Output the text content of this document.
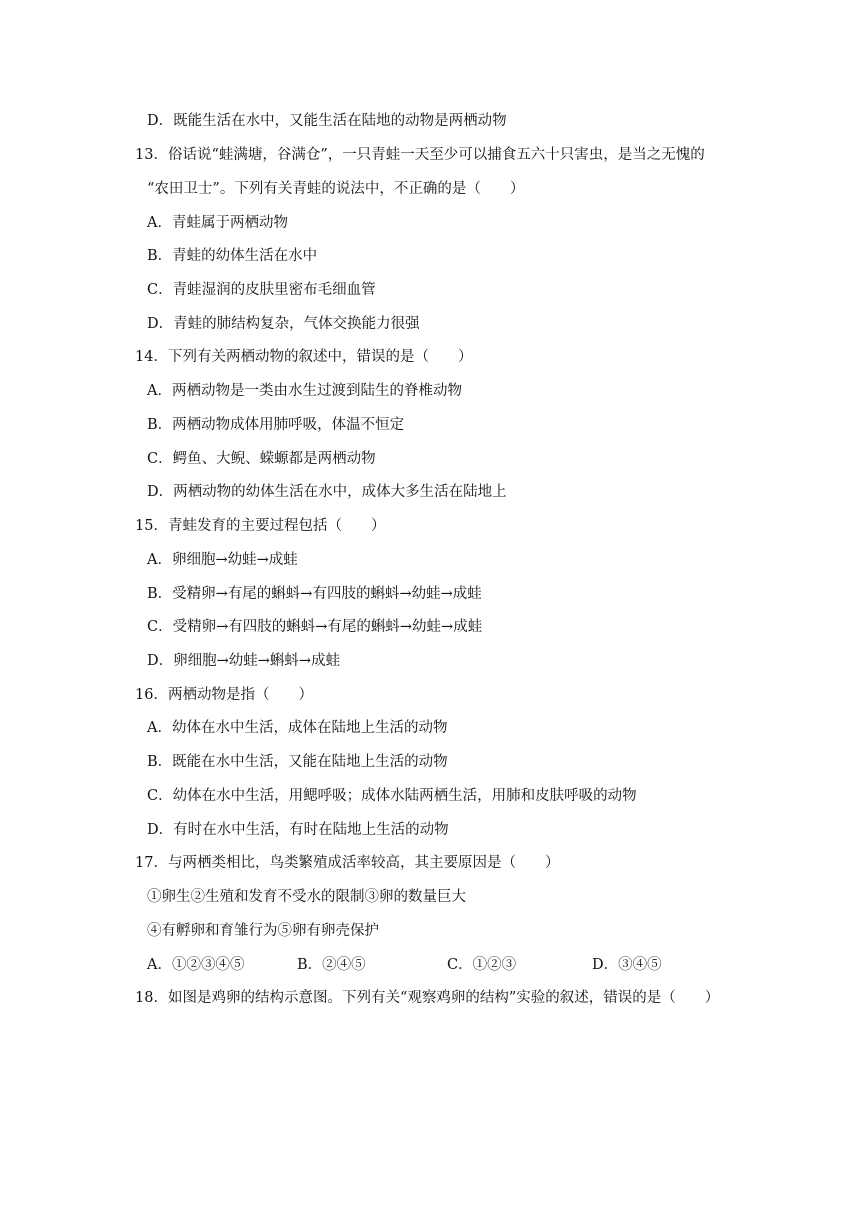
D．既能生活在水中，又能生活在陆地的动物是两栖动物
13．俗话说“蛙满塘，谷满仓”，一只青蛙一天至少可以捕食五六十只害虫，是当之无愧的
“农田卫士”。下列有关青蛙的说法中，不正确的是（　　）
A．青蛙属于两栖动物
B．青蛙的幼体生活在水中
C．青蛙湿润的皮肤里密布毛细血管
D．青蛙的肺结构复杂，气体交换能力很强
14．下列有关两栖动物的叙述中，错误的是（　　）
A．两栖动物是一类由水生过渡到陆生的脊椎动物
B．两栖动物成体用肺呼吸，体温不恒定
C．鳄鱼、大鲵、蝾螈都是两栖动物
D．两栖动物的幼体生活在水中，成体大多生活在陆地上
15．青蛙发育的主要过程包括（　　）
A．卵细胞→幼蛙→成蛙
B．受精卵→有尾的蝌蚪→有四肢的蝌蚪→幼蛙→成蛙
C．受精卵→有四肢的蝌蚪→有尾的蝌蚪→幼蛙→成蛙
D．卵细胞→幼蛙→蝌蚪→成蛙
16．两栖动物是指（　　）
A．幼体在水中生活，成体在陆地上生活的动物
B．既能在水中生活，又能在陆地上生活的动物
C．幼体在水中生活，用鳃呼吸；成体水陆两栖生活，用肺和皮肤呼吸的动物
D．有时在水中生活，有时在陆地上生活的动物
17．与两栖类相比，鸟类繁殖成活率较高，其主要原因是（　　）
①卵生②生殖和发育不受水的限制③卵的数量巨大
④有孵卵和育雏行为⑤卵有卵壳保护
A．①②③④⑤	B．②④⑤	C．①②③	D．③④⑤
18．如图是鸡卵的结构示意图。下列有关“观察鸡卵的结构”实验的叙述，错误的是（　　）
